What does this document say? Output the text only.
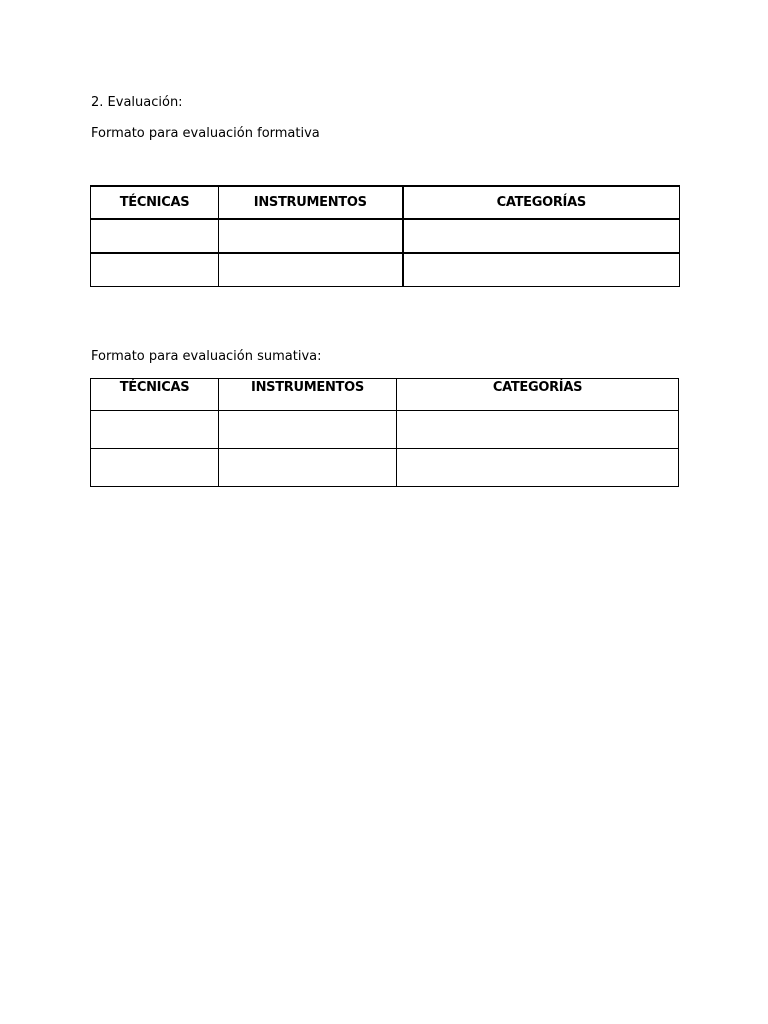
2. Evaluación:
Formato para evaluación formativa
TÉCNICAS	INSTRUMENTOS	CATEGORÍAS

Formato para evaluación sumativa:
TÉCNICAS	INSTRUMENTOS	CATEGORÍAS
